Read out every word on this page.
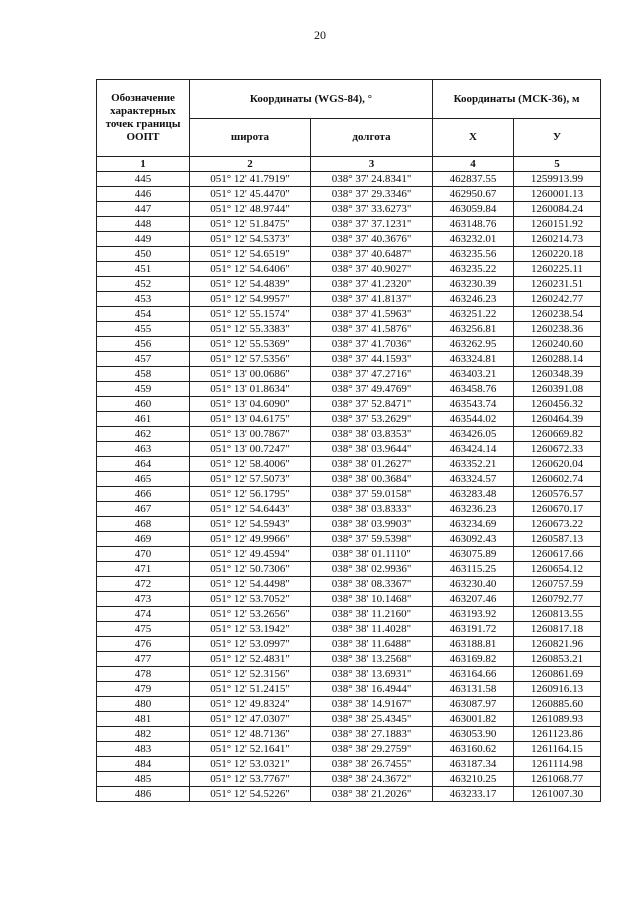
20
Обозначение характерных точек границы ООПТ	Координаты (WGS-84), °		Координаты (МСК-36), м	
	широта	долгота	Х	У
1	2	3	4	5
445	051° 12' 41.7919"	038° 37' 24.8341"	462837.55	1259913.99
446	051° 12' 45.4470"	038° 37' 29.3346"	462950.67	1260001.13
447	051° 12' 48.9744"	038° 37' 33.6273"	463059.84	1260084.24
448	051° 12' 51.8475"	038° 37' 37.1231"	463148.76	1260151.92
449	051° 12' 54.5373"	038° 37' 40.3676"	463232.01	1260214.73
450	051° 12' 54.6519"	038° 37' 40.6487"	463235.56	1260220.18
451	051° 12' 54.6406"	038° 37' 40.9027"	463235.22	1260225.11
452	051° 12' 54.4839"	038° 37' 41.2320"	463230.39	1260231.51
453	051° 12' 54.9957"	038° 37' 41.8137"	463246.23	1260242.77
454	051° 12' 55.1574"	038° 37' 41.5963"	463251.22	1260238.54
455	051° 12' 55.3383"	038° 37' 41.5876"	463256.81	1260238.36
456	051° 12' 55.5369"	038° 37' 41.7036"	463262.95	1260240.60
457	051° 12' 57.5356"	038° 37' 44.1593"	463324.81	1260288.14
458	051° 13' 00.0686"	038° 37' 47.2716"	463403.21	1260348.39
459	051° 13' 01.8634"	038° 37' 49.4769"	463458.76	1260391.08
460	051° 13' 04.6090"	038° 37' 52.8471"	463543.74	1260456.32
461	051° 13' 04.6175"	038° 37' 53.2629"	463544.02	1260464.39
462	051° 13' 00.7867"	038° 38' 03.8353"	463426.05	1260669.82
463	051° 13' 00.7247"	038° 38' 03.9644"	463424.14	1260672.33
464	051° 12' 58.4006"	038° 38' 01.2627"	463352.21	1260620.04
465	051° 12' 57.5073"	038° 38' 00.3684"	463324.57	1260602.74
466	051° 12' 56.1795"	038° 37' 59.0158"	463283.48	1260576.57
467	051° 12' 54.6443"	038° 38' 03.8333"	463236.23	1260670.17
468	051° 12' 54.5943"	038° 38' 03.9903"	463234.69	1260673.22
469	051° 12' 49.9966"	038° 37' 59.5398"	463092.43	1260587.13
470	051° 12' 49.4594"	038° 38' 01.1110"	463075.89	1260617.66
471	051° 12' 50.7306"	038° 38' 02.9936"	463115.25	1260654.12
472	051° 12' 54.4498"	038° 38' 08.3367"	463230.40	1260757.59
473	051° 12' 53.7052"	038° 38' 10.1468"	463207.46	1260792.77
474	051° 12' 53.2656"	038° 38' 11.2160"	463193.92	1260813.55
475	051° 12' 53.1942"	038° 38' 11.4028"	463191.72	1260817.18
476	051° 12' 53.0997"	038° 38' 11.6488"	463188.81	1260821.96
477	051° 12' 52.4831"	038° 38' 13.2568"	463169.82	1260853.21
478	051° 12' 52.3156"	038° 38' 13.6931"	463164.66	1260861.69
479	051° 12' 51.2415"	038° 38' 16.4944"	463131.58	1260916.13
480	051° 12' 49.8324"	038° 38' 14.9167"	463087.97	1260885.60
481	051° 12' 47.0307"	038° 38' 25.4345"	463001.82	1261089.93
482	051° 12' 48.7136"	038° 38' 27.1883"	463053.90	1261123.86
483	051° 12' 52.1641"	038° 38' 29.2759"	463160.62	1261164.15
484	051° 12' 53.0321"	038° 38' 26.7455"	463187.34	1261114.98
485	051° 12' 53.7767"	038° 38' 24.3672"	463210.25	1261068.77
486	051° 12' 54.5226"	038° 38' 21.2026"	463233.17	1261007.30
